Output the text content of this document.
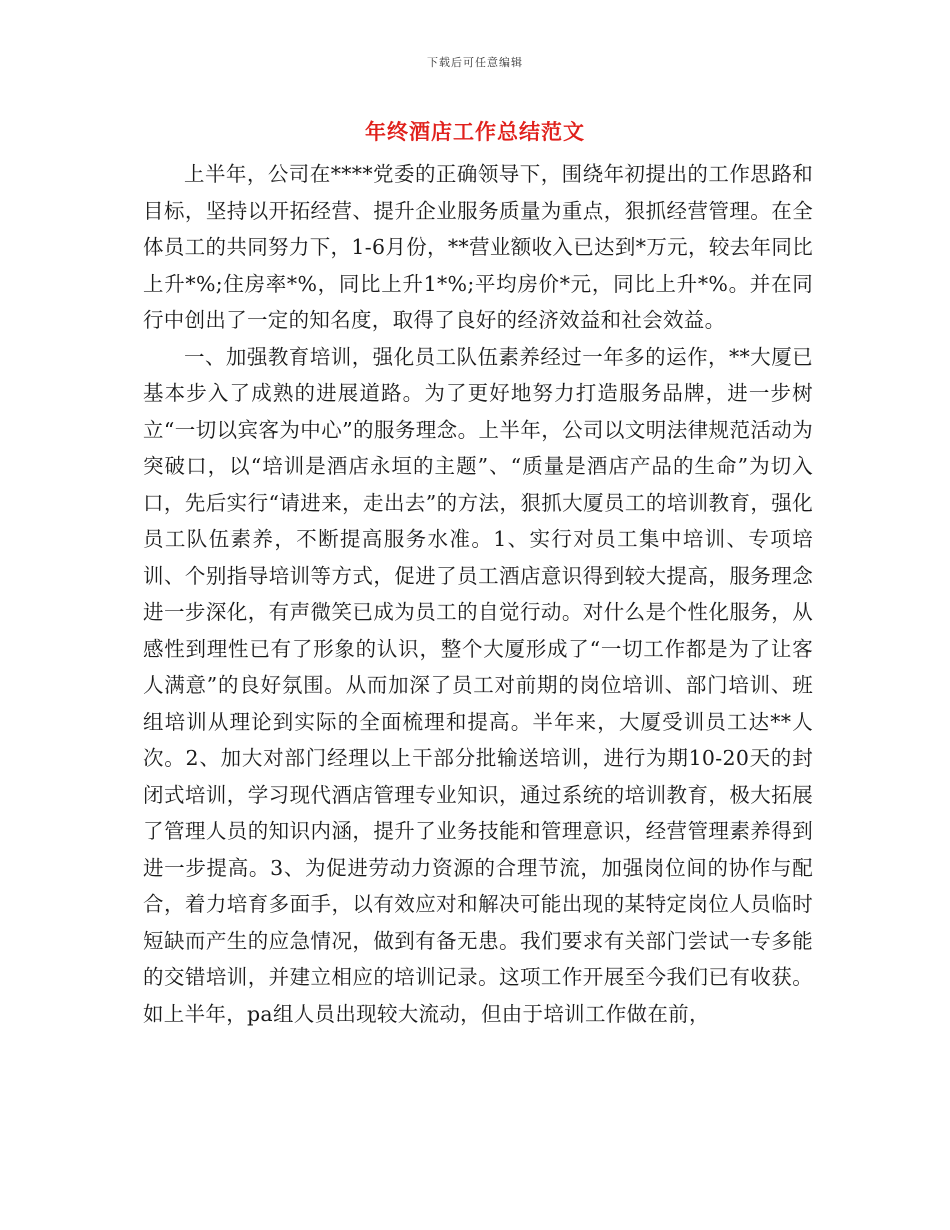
下载后可任意编辑
年终酒店工作总结范文

上半年，公司在****党委的正确领导下，围绕年初提出的工作思路和目标，坚持以开拓经营、提升企业服务质量为重点，狠抓经营管理。在全体员工的共同努力下，1-6月份，**营业额收入已达到*万元，较去年同比上升*%;住房率*%，同比上升1*%;平均房价*元，同比上升*%。并在同行中创出了一定的知名度，取得了良好的经济效益和社会效益。

一、加强教育培训，强化员工队伍素养经过一年多的运作，**大厦已基本步入了成熟的进展道路。为了更好地努力打造服务品牌，进一步树立“一切以宾客为中心”的服务理念。上半年，公司以文明法律规范活动为突破口，以“培训是酒店永垣的主题”、“质量是酒店产品的生命”为切入口，先后实行“请进来，走出去”的方法，狠抓大厦员工的培训教育，强化员工队伍素养，不断提高服务水准。1、实行对员工集中培训、专项培训、个别指导培训等方式，促进了员工酒店意识得到较大提高，服务理念进一步深化，有声微笑已成为员工的自觉行动。对什么是个性化服务，从感性到理性已有了形象的认识，整个大厦形成了“一切工作都是为了让客人满意”的良好氛围。从而加深了员工对前期的岗位培训、部门培训、班组培训从理论到实际的全面梳理和提高。半年来，大厦受训员工达**人次。2、加大对部门经理以上干部分批输送培训，进行为期10-20天的封闭式培训，学习现代酒店管理专业知识，通过系统的培训教育，极大拓展了管理人员的知识内涵，提升了业务技能和管理意识，经营管理素养得到进一步提高。3、为促进劳动力资源的合理节流，加强岗位间的协作与配合，着力培育多面手，以有效应对和解决可能出现的某特定岗位人员临时短缺而产生的应急情况，做到有备无患。我们要求有关部门尝试一专多能的交错培训，并建立相应的培训记录。这项工作开展至今我们已有收获。如上半年，pa组人员出现较大流动，但由于培训工作做在前，
